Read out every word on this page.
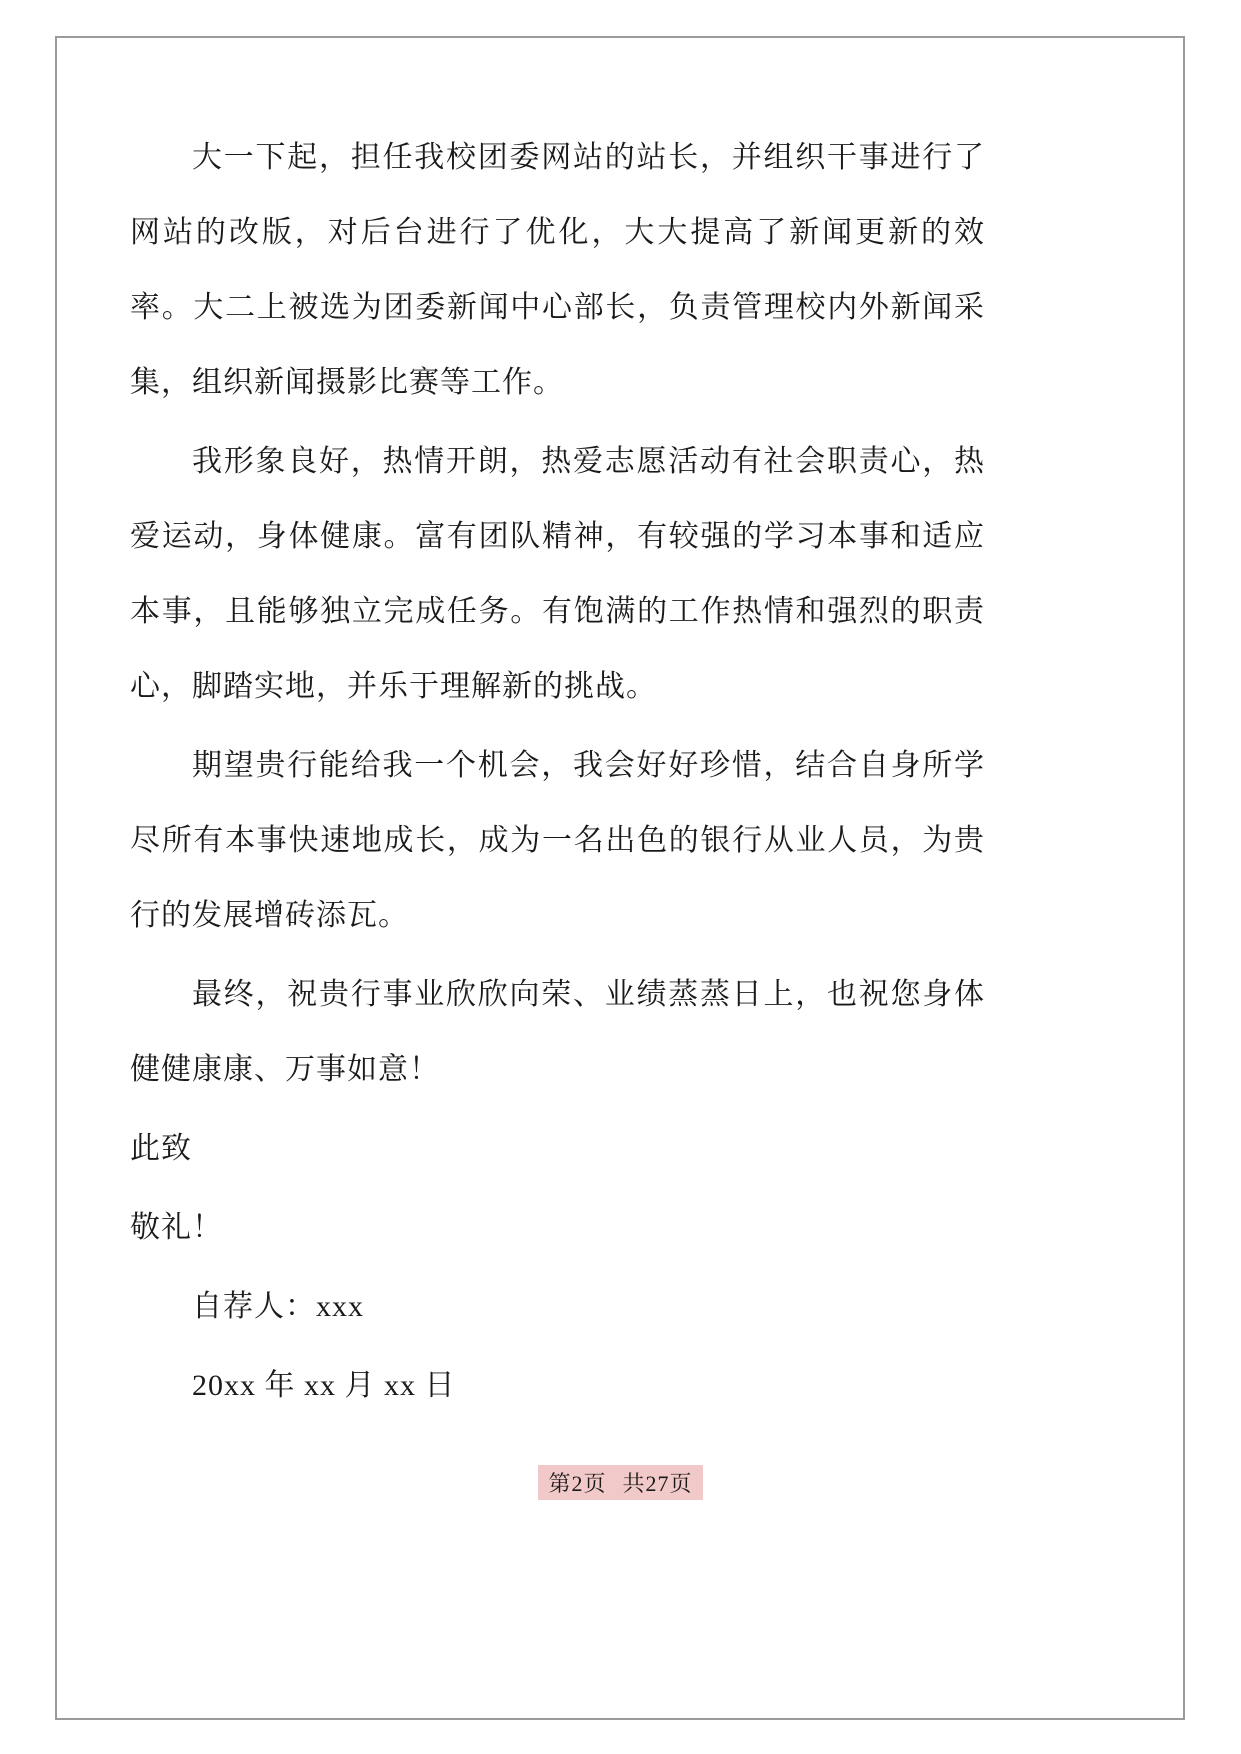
大一下起，担任我校团委网站的站长，并组织干事进行了网站的改版，对后台进行了优化，大大提高了新闻更新的效率。大二上被选为团委新闻中心部长，负责管理校内外新闻采集，组织新闻摄影比赛等工作。

我形象良好，热情开朗，热爱志愿活动有社会职责心，热爱运动，身体健康。富有团队精神，有较强的学习本事和适应本事，且能够独立完成任务。有饱满的工作热情和强烈的职责心，脚踏实地，并乐于理解新的挑战。

期望贵行能给我一个机会，我会好好珍惜，结合自身所学尽所有本事快速地成长，成为一名出色的银行从业人员，为贵行的发展增砖添瓦。

最终，祝贵行事业欣欣向荣、业绩蒸蒸日上，也祝您身体健健康康、万事如意！

此致

敬礼！

自荐人：xxx

20xx 年 xx 月 xx 日

第2页 共27页
